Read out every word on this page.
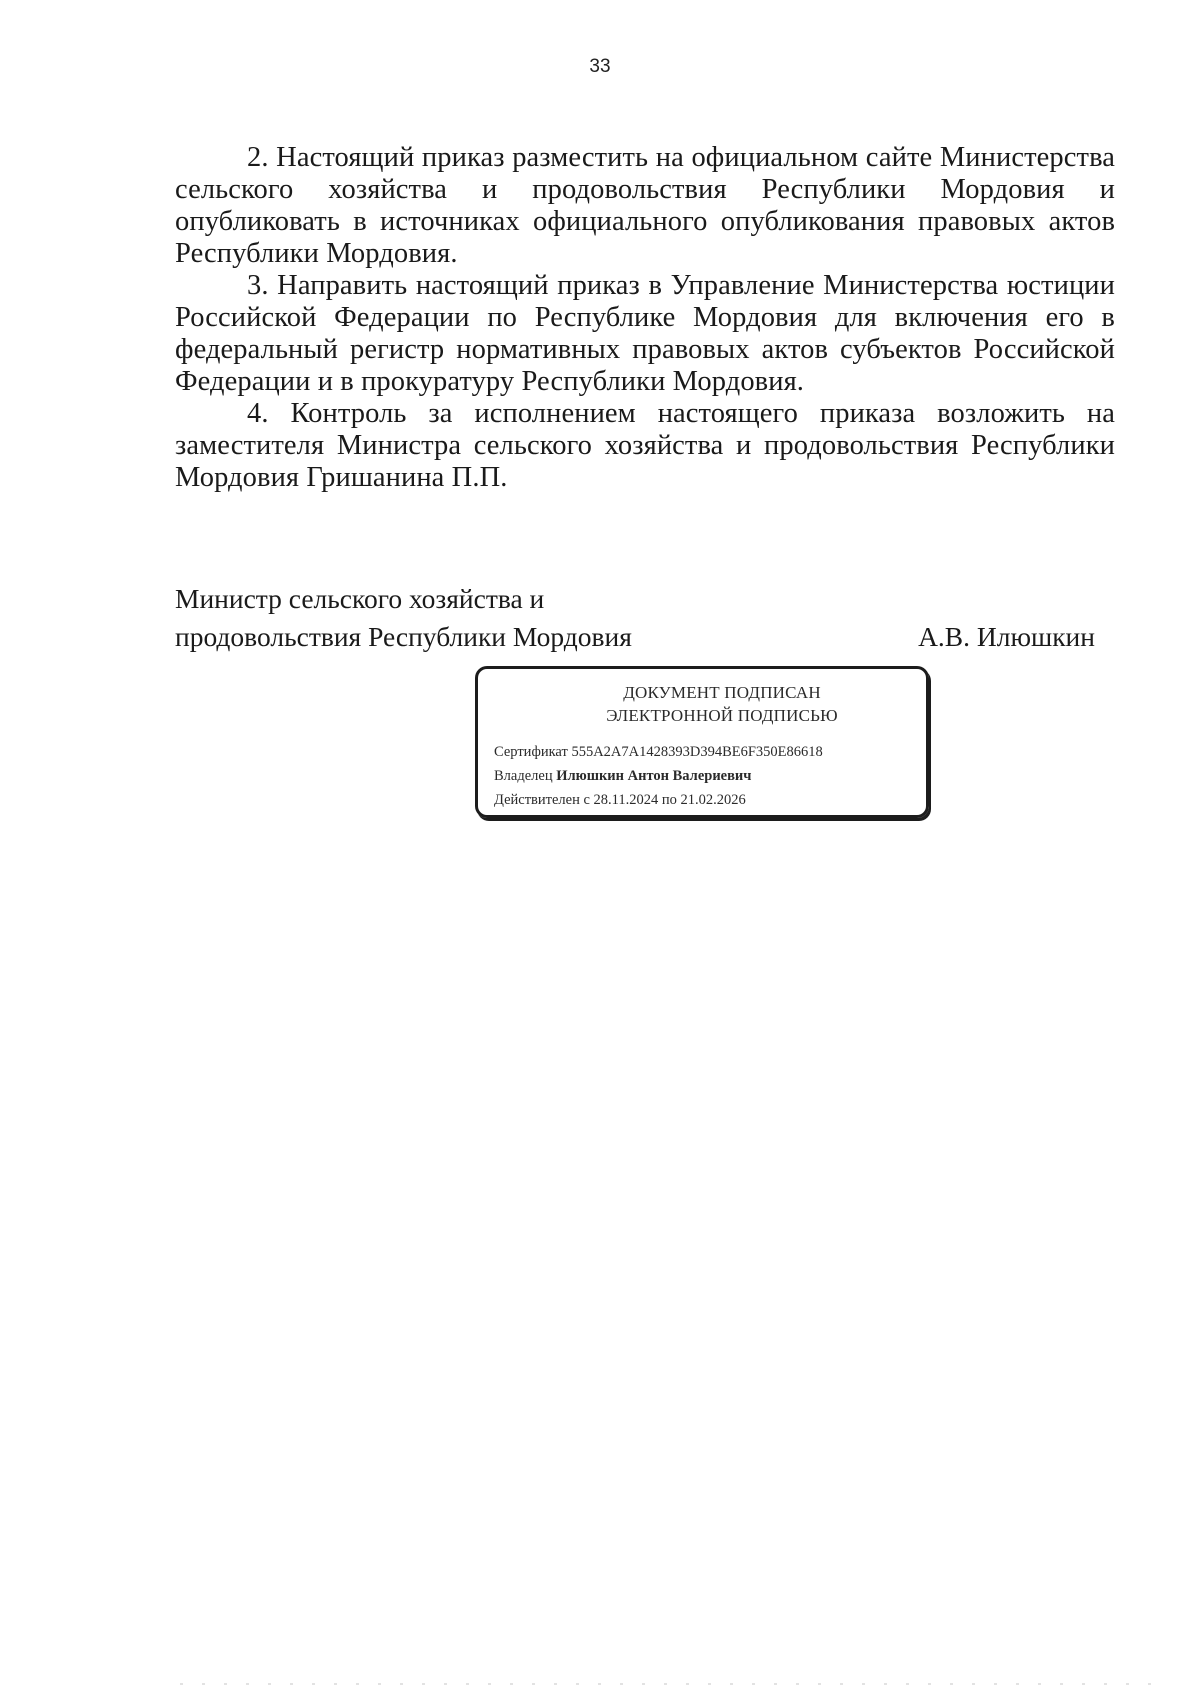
33

2. Настоящий приказ разместить на официальном сайте Министерства сельского хозяйства и продовольствия Республики Мордовия и опубликовать в источниках официального опубликования правовых актов Республики Мордовия.

3. Направить настоящий приказ в Управление Министерства юстиции Российской Федерации по Республике Мордовия для включения его в федеральный регистр нормативных правовых актов субъектов Российской Федерации и в прокуратуру Республики Мордовия.

4. Контроль за исполнением настоящего приказа возложить на заместителя Министра сельского хозяйства и продовольствия Республики Мордовия Гришанина П.П.

Министр сельского хозяйства и
продовольствия Республики Мордовия	А.В. Илюшкин
ДОКУМЕНТ ПОДПИСАН
ЭЛЕКТРОННОЙ ПОДПИСЬЮ
Сертификат 555A2A7A1428393D394BE6F350E86618
Владелец Илюшкин Антон Валериевич
Действителен с 28.11.2024 по 21.02.2026
